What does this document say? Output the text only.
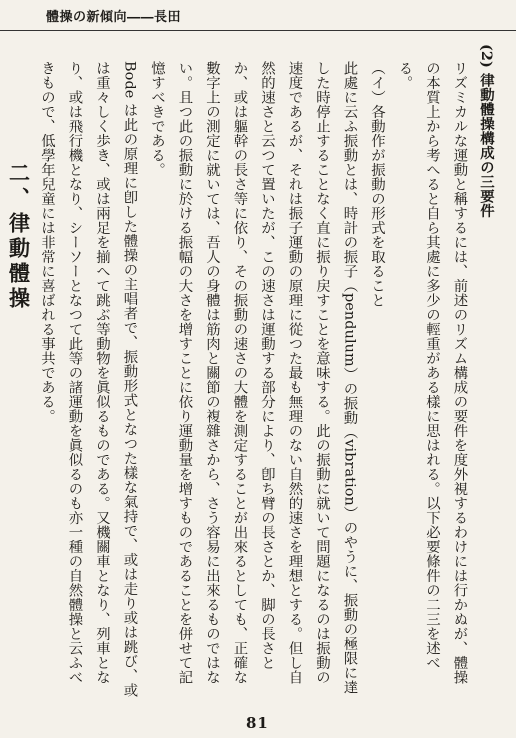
體操の新傾向――長田
(2) 律動體操構成の三要件
リズミカルな運動と稱するには、前述のリズム構成の要件を度外視するわけには行かぬが、體操の本質上から考へると自ら其處に多少の輕重がある樣に思はれる。以下必要條件の二三を述べる。
（イ）各動作が振動の形式を取ること
此處に云ふ振動とは、時計の振子（pendulum）の振動（vibration）のやうに、振動の極限に達した時停止することなく直に振り戻すことを意味する。此の振動に就いて問題になるのは振動の速度であるが、それは振子運動の原理に從つた最も無理のない自然的速さを理想とする。但し自然的速さと云つて置いたが、この速さは運動する部分により、卽ち臂の長さとか、脚の長さとか、或は軀幹の長さ等に依り、その振動の速さの大體を測定することが出來るとしても、正確な數字上の測定に就いては、吾人の身體は筋肉と關節の複雜さから、さう容易に出來るものではない。且つ此の振動に於ける振幅の大さを增すことに依り運動量を增すものであることを併せて記憶すべきである。
Bode は此の原理に卽した體操の主唱者で、振動形式となつた樣な氣持で、或は走り或は跳び、或は重々しく歩き、或は兩足を揃へて跳ぶ等動物を眞似るものである。又機關車となり、列車となり、或は飛行機となり、シーソーとなつて此等の諸運動を眞似るのも亦一種の自然體操と云ふべきもので、低學年兒童には非常に喜ばれる事共である。
二、律動體操
81
